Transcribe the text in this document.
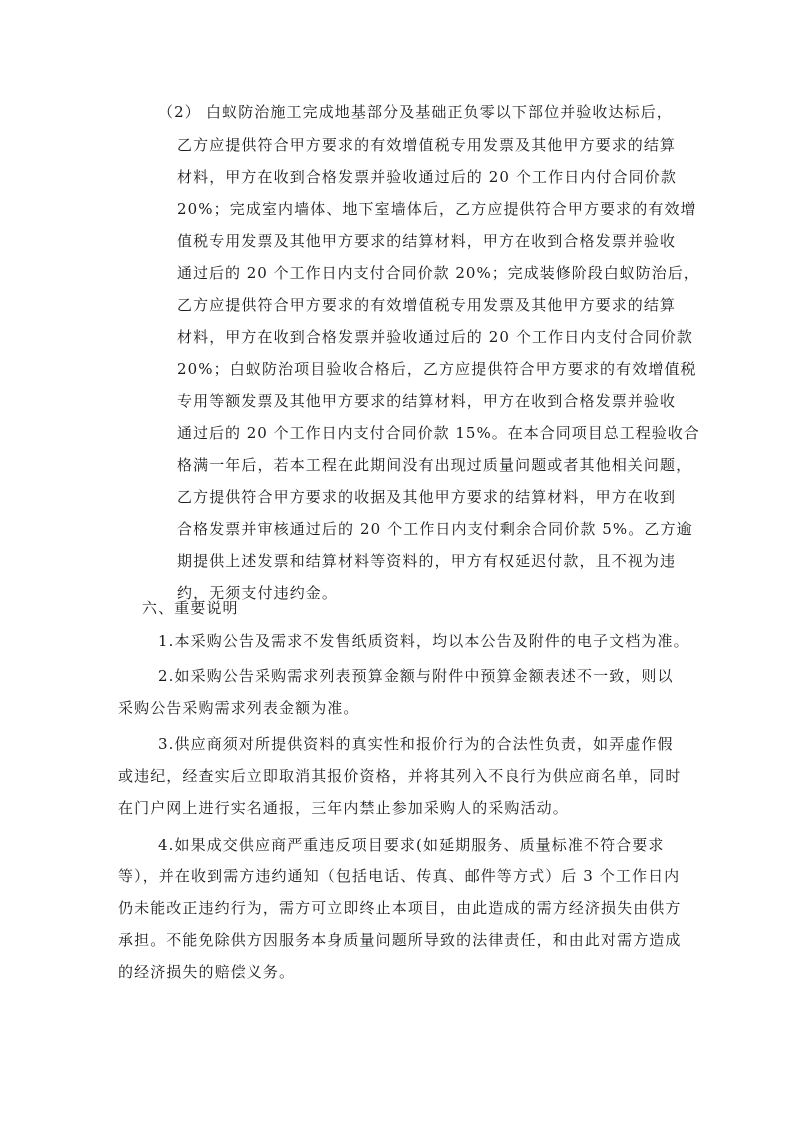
（2） 白蚁防治施工完成地基部分及基础正负零以下部位并验收达标后，
乙方应提供符合甲方要求的有效增值税专用发票及其他甲方要求的结算
材料，甲方在收到合格发票并验收通过后的 20 个工作日内付合同价款
20%；完成室内墙体、地下室墙体后，乙方应提供符合甲方要求的有效增
值税专用发票及其他甲方要求的结算材料，甲方在收到合格发票并验收
通过后的 20 个工作日内支付合同价款 20%；完成装修阶段白蚁防治后，
乙方应提供符合甲方要求的有效增值税专用发票及其他甲方要求的结算
材料，甲方在收到合格发票并验收通过后的 20 个工作日内支付合同价款
20%；白蚁防治项目验收合格后，乙方应提供符合甲方要求的有效增值税
专用等额发票及其他甲方要求的结算材料，甲方在收到合格发票并验收
通过后的 20 个工作日内支付合同价款 15%。在本合同项目总工程验收合
格满一年后，若本工程在此期间没有出现过质量问题或者其他相关问题，
乙方提供符合甲方要求的收据及其他甲方要求的结算材料，甲方在收到
合格发票并审核通过后的 20 个工作日内支付剩余合同价款 5%。乙方逾
期提供上述发票和结算材料等资料的，甲方有权延迟付款，且不视为违
约，无须支付违约金。
六、重要说明
1.本采购公告及需求不发售纸质资料，均以本公告及附件的电子文档为准。
2.如采购公告采购需求列表预算金额与附件中预算金额表述不一致，则以
采购公告采购需求列表金额为准。
3.供应商须对所提供资料的真实性和报价行为的合法性负责，如弄虚作假
或违纪，经查实后立即取消其报价资格，并将其列入不良行为供应商名单，同时
在门户网上进行实名通报，三年内禁止参加采购人的采购活动。
4.如果成交供应商严重违反项目要求(如延期服务、质量标准不符合要求
等），并在收到需方违约通知（包括电话、传真、邮件等方式）后 3 个工作日内
仍未能改正违约行为，需方可立即终止本项目，由此造成的需方经济损失由供方
承担。不能免除供方因服务本身质量问题所导致的法律责任，和由此对需方造成
的经济损失的赔偿义务。
